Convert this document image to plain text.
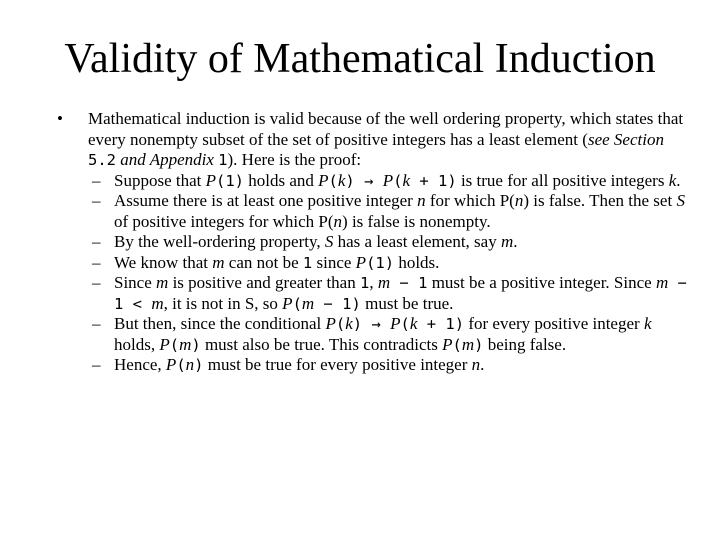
Validity of Mathematical Induction
• Mathematical induction is valid because of the well ordering property, which states that every nonempty subset of the set of positive integers has a least element (see Section 5.2 and Appendix 1). Here is the proof:
– Suppose that P(1) holds and P(k) → P(k + 1) is true for all positive integers k.
– Assume there is at least one positive integer n for which P(n) is false. Then the set S of positive integers for which P(n) is false is nonempty.
– By the well-ordering property, S has a least element, say m.
– We know that m can not be 1 since P(1) holds.
– Since m is positive and greater than 1, m − 1 must be a positive integer. Since m − 1 < m, it is not in S, so P(m − 1) must be true.
– But then, since the conditional P(k) → P(k + 1) for every positive integer k holds, P(m) must also be true. This contradicts P(m) being false.
– Hence, P(n) must be true for every positive integer n.
